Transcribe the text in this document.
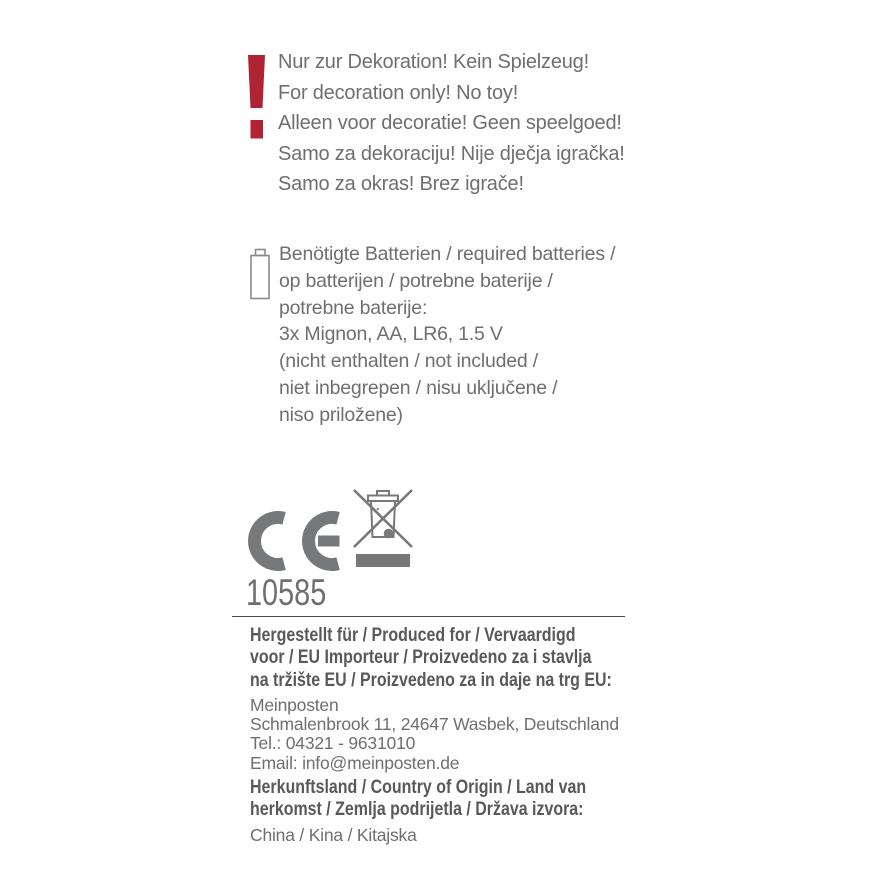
Nur zur Dekoration! Kein Spielzeug!
For decoration only! No toy!
Alleen voor decoratie! Geen speelgoed!
Samo za dekoraciju! Nije dječja igračka!
Samo za okras! Brez igrače!
Benötigte Batterien / required batteries /
op batterijen / potrebne baterije /
potrebne baterije:
3x Mignon, AA, LR6, 1.5 V
(nicht enthalten / not included /
niet inbegrepen / nisu uključene /
niso priložene)
10585
Hergestellt für / Produced for / Vervaardigd
voor / EU Importeur / Proizvedeno za i stavlja
na tržište EU / Proizvedeno za in daje na trg EU:
Meinposten
Schmalenbrook 11, 24647 Wasbek, Deutschland
Tel.: 04321 - 9631010
Email: info@meinposten.de
Herkunftsland / Country of Origin / Land van
herkomst / Zemlja podrijetla / Država izvora:
China / Kina / Kitajska
